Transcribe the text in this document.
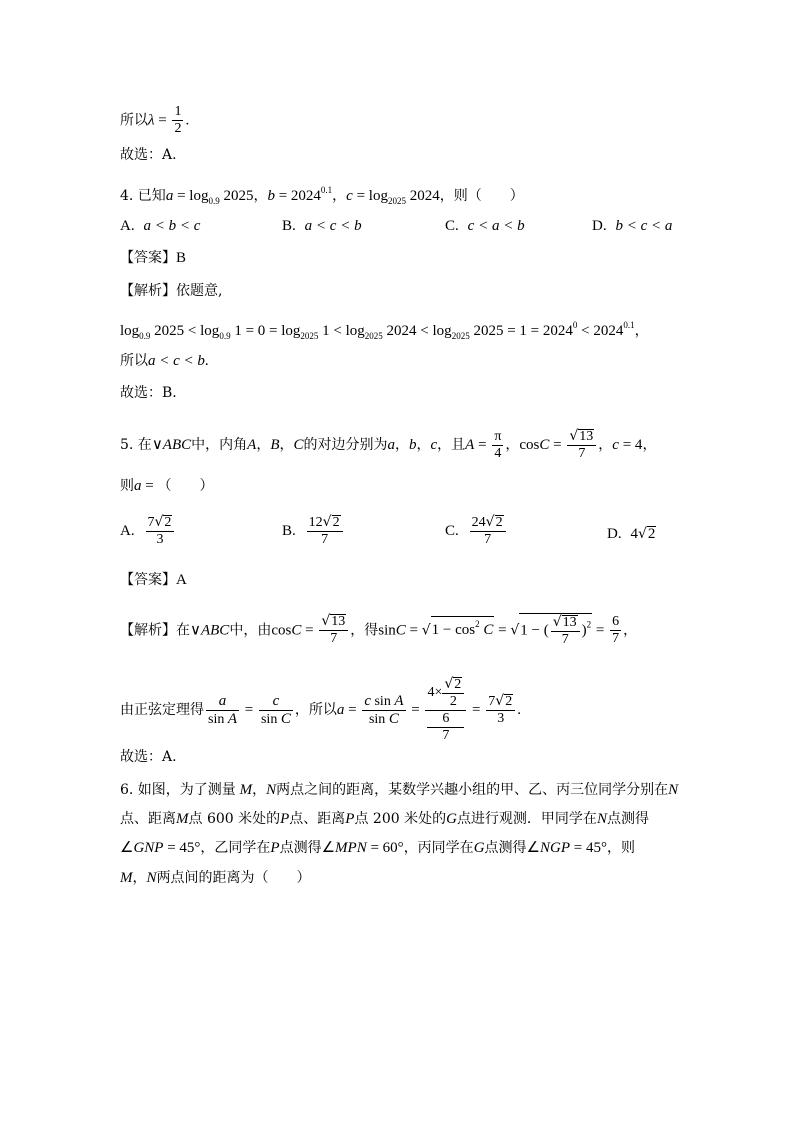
所以$\lambda = \frac{1}{2}$ .
故选：A.
4. 已知$a = \log_{0.9} 2025$，$b = 2024^{0.1}$，$c = \log_{2025} 2024$，则（　　）
A. a < b < c	B. a < c < b	C. c < a < b	D. b < c < a
【答案】B
【解析】依题意,
$\log_{0.9} 2025 < \log_{0.9} 1 = 0 = \log_{2025} 1 < \log_{2025} 2024 < \log_{2025} 2025 = 1 = 2024^0 < 2024^{0.1}$，
所以a < c < b.
故选：B.
5. 在∨ABC中，内角A，B，C的对边分别为a，b，c，且$A = \frac{\pi}{4}$ ，$\cos C = \frac{√13}{7}$ ，c = 4，
则a = （　　）
A. $\frac{7√2}{3}$	B. $\frac{12√2}{7}$	C. $\frac{24√2}{7}$	D. 4√2
【答案】A
【解析】在∨ABC中，由$\cos C = \frac{√13}{7}$ ，得$\sin C = √1 - \cos^2 C = √1$ − ( $\frac{√13}{7} )^2 = \frac{6}{7}$ ，
由正弦定理得 $\frac{a}{\text{sin A}} = \frac{c}{\text{sin C}}$ ，所以$a = \frac{\text{c sin A}}{\text{sin C}} = 4\times \frac{√2}{2}$
6
$7 = \frac{7√2}{3}$ .
故选：A.
6. 如图，为了测量 M，N两点之间的距离，某数学兴趣小组的甲、乙、丙三位同学分别在N
点、距离M点 600 米处的P点、距离P点 200 米处的G点进行观测．甲同学在N点测得
∠GNP = 45°，乙同学在P点测得∠MPN = 60°，丙同学在G点测得∠NGP = 45°，则
M，N两点间的距离为（　　）
